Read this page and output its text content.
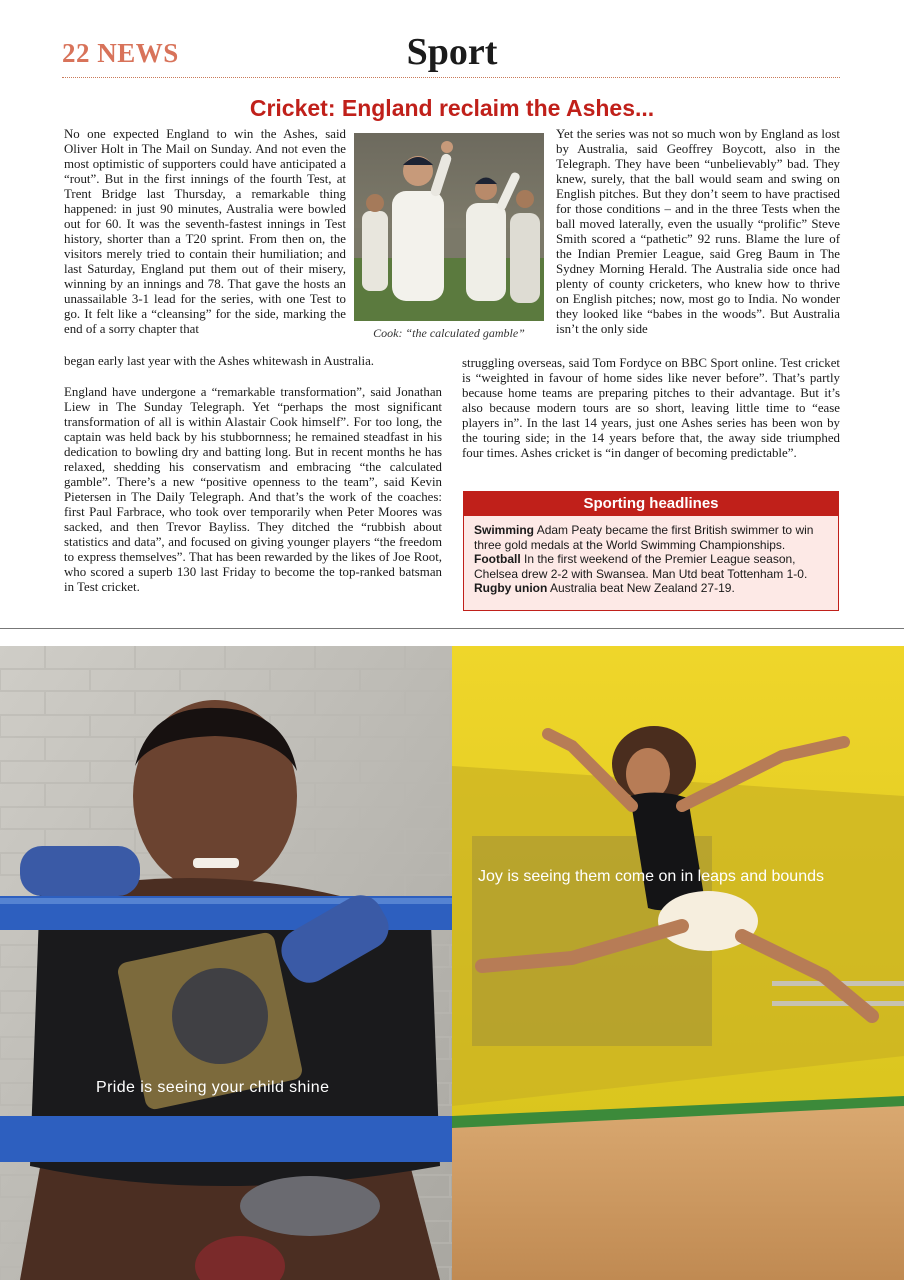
22 NEWS	Sport
Cricket: England reclaim the Ashes...

No one expected England to win the Ashes, said Oliver Holt in The Mail on Sunday. And not even the most optimistic of supporters could have anticipated a “rout”. But in the first innings of the fourth Test, at Trent Bridge last Thursday, a remarkable thing happened: in just 90 minutes, Australia were bowled out for 60. It was the seventh-fastest innings in Test history, shorter than a T20 sprint. From then on, the visitors merely tried to contain their humiliation; and last Saturday, England put them out of their misery, winning by an innings and 78. That gave the hosts an unassailable 3-1 lead for the series, with one Test to go. It felt like a “cleansing” for the side, marking the end of a sorry chapter that

began early last year with the Ashes whitewash in Australia.

England have undergone a “remarkable transformation”, said Jonathan Liew in The Sunday Telegraph. Yet “perhaps the most significant transformation of all is within Alastair Cook himself”. For too long, the captain was held back by his stubbornness; he remained steadfast in his dedication to bowling dry and batting long. But in recent months he has relaxed, shedding his conservatism and embracing “the calculated gamble”. There’s a new “positive openness to the team”, said Kevin Pietersen in The Daily Telegraph. And that’s the work of the coaches: first Paul Farbrace, who took over temporarily when Peter Moores was sacked, and then Trevor Bayliss. They ditched the “rubbish about statistics and data”, and focused on giving younger players “the freedom to express themselves”. That has been rewarded by the likes of Joe Root, who scored a superb 130 last Friday to become the top-ranked batsman in Test cricket.

Cook: “the calculated gamble”

Yet the series was not so much won by England as lost by Australia, said Geoffrey Boycott, also in the Telegraph. They have been “unbelievably” bad. They knew, surely, that the ball would seam and swing on English pitches. But they don’t seem to have practised for those conditions – and in the three Tests when the ball moved laterally, even the usually “prolific” Steve Smith scored a “pathetic” 92 runs. Blame the lure of the Indian Premier League, said Greg Baum in The Sydney Morning Herald. The Australia side once had plenty of county cricketers, who knew how to thrive on English pitches; now, most go to India. No wonder they looked like “babes in the woods”. But Australia isn’t the only side

struggling overseas, said Tom Fordyce on BBC Sport online. Test cricket is “weighted in favour of home sides like never before”. That’s partly because home teams are preparing pitches to their advantage. But it’s also because modern tours are so short, leaving little time to “ease players in”. In the last 14 years, just one Ashes series has been won by the touring side; in the 14 years before that, the away side triumphed four times. Ashes cricket is “in danger of becoming predictable”.

Sporting headlines
Swimming Adam Peaty became the first British swimmer to win three gold medals at the World Swimming Championships.
Football In the first weekend of the Premier League season, Chelsea drew 2-2 with Swansea. Man Utd beat Tottenham 1-0.
Rugby union Australia beat New Zealand 27-19.
Pride is seeing your child shine
Joy is seeing them come on in leaps and bounds
